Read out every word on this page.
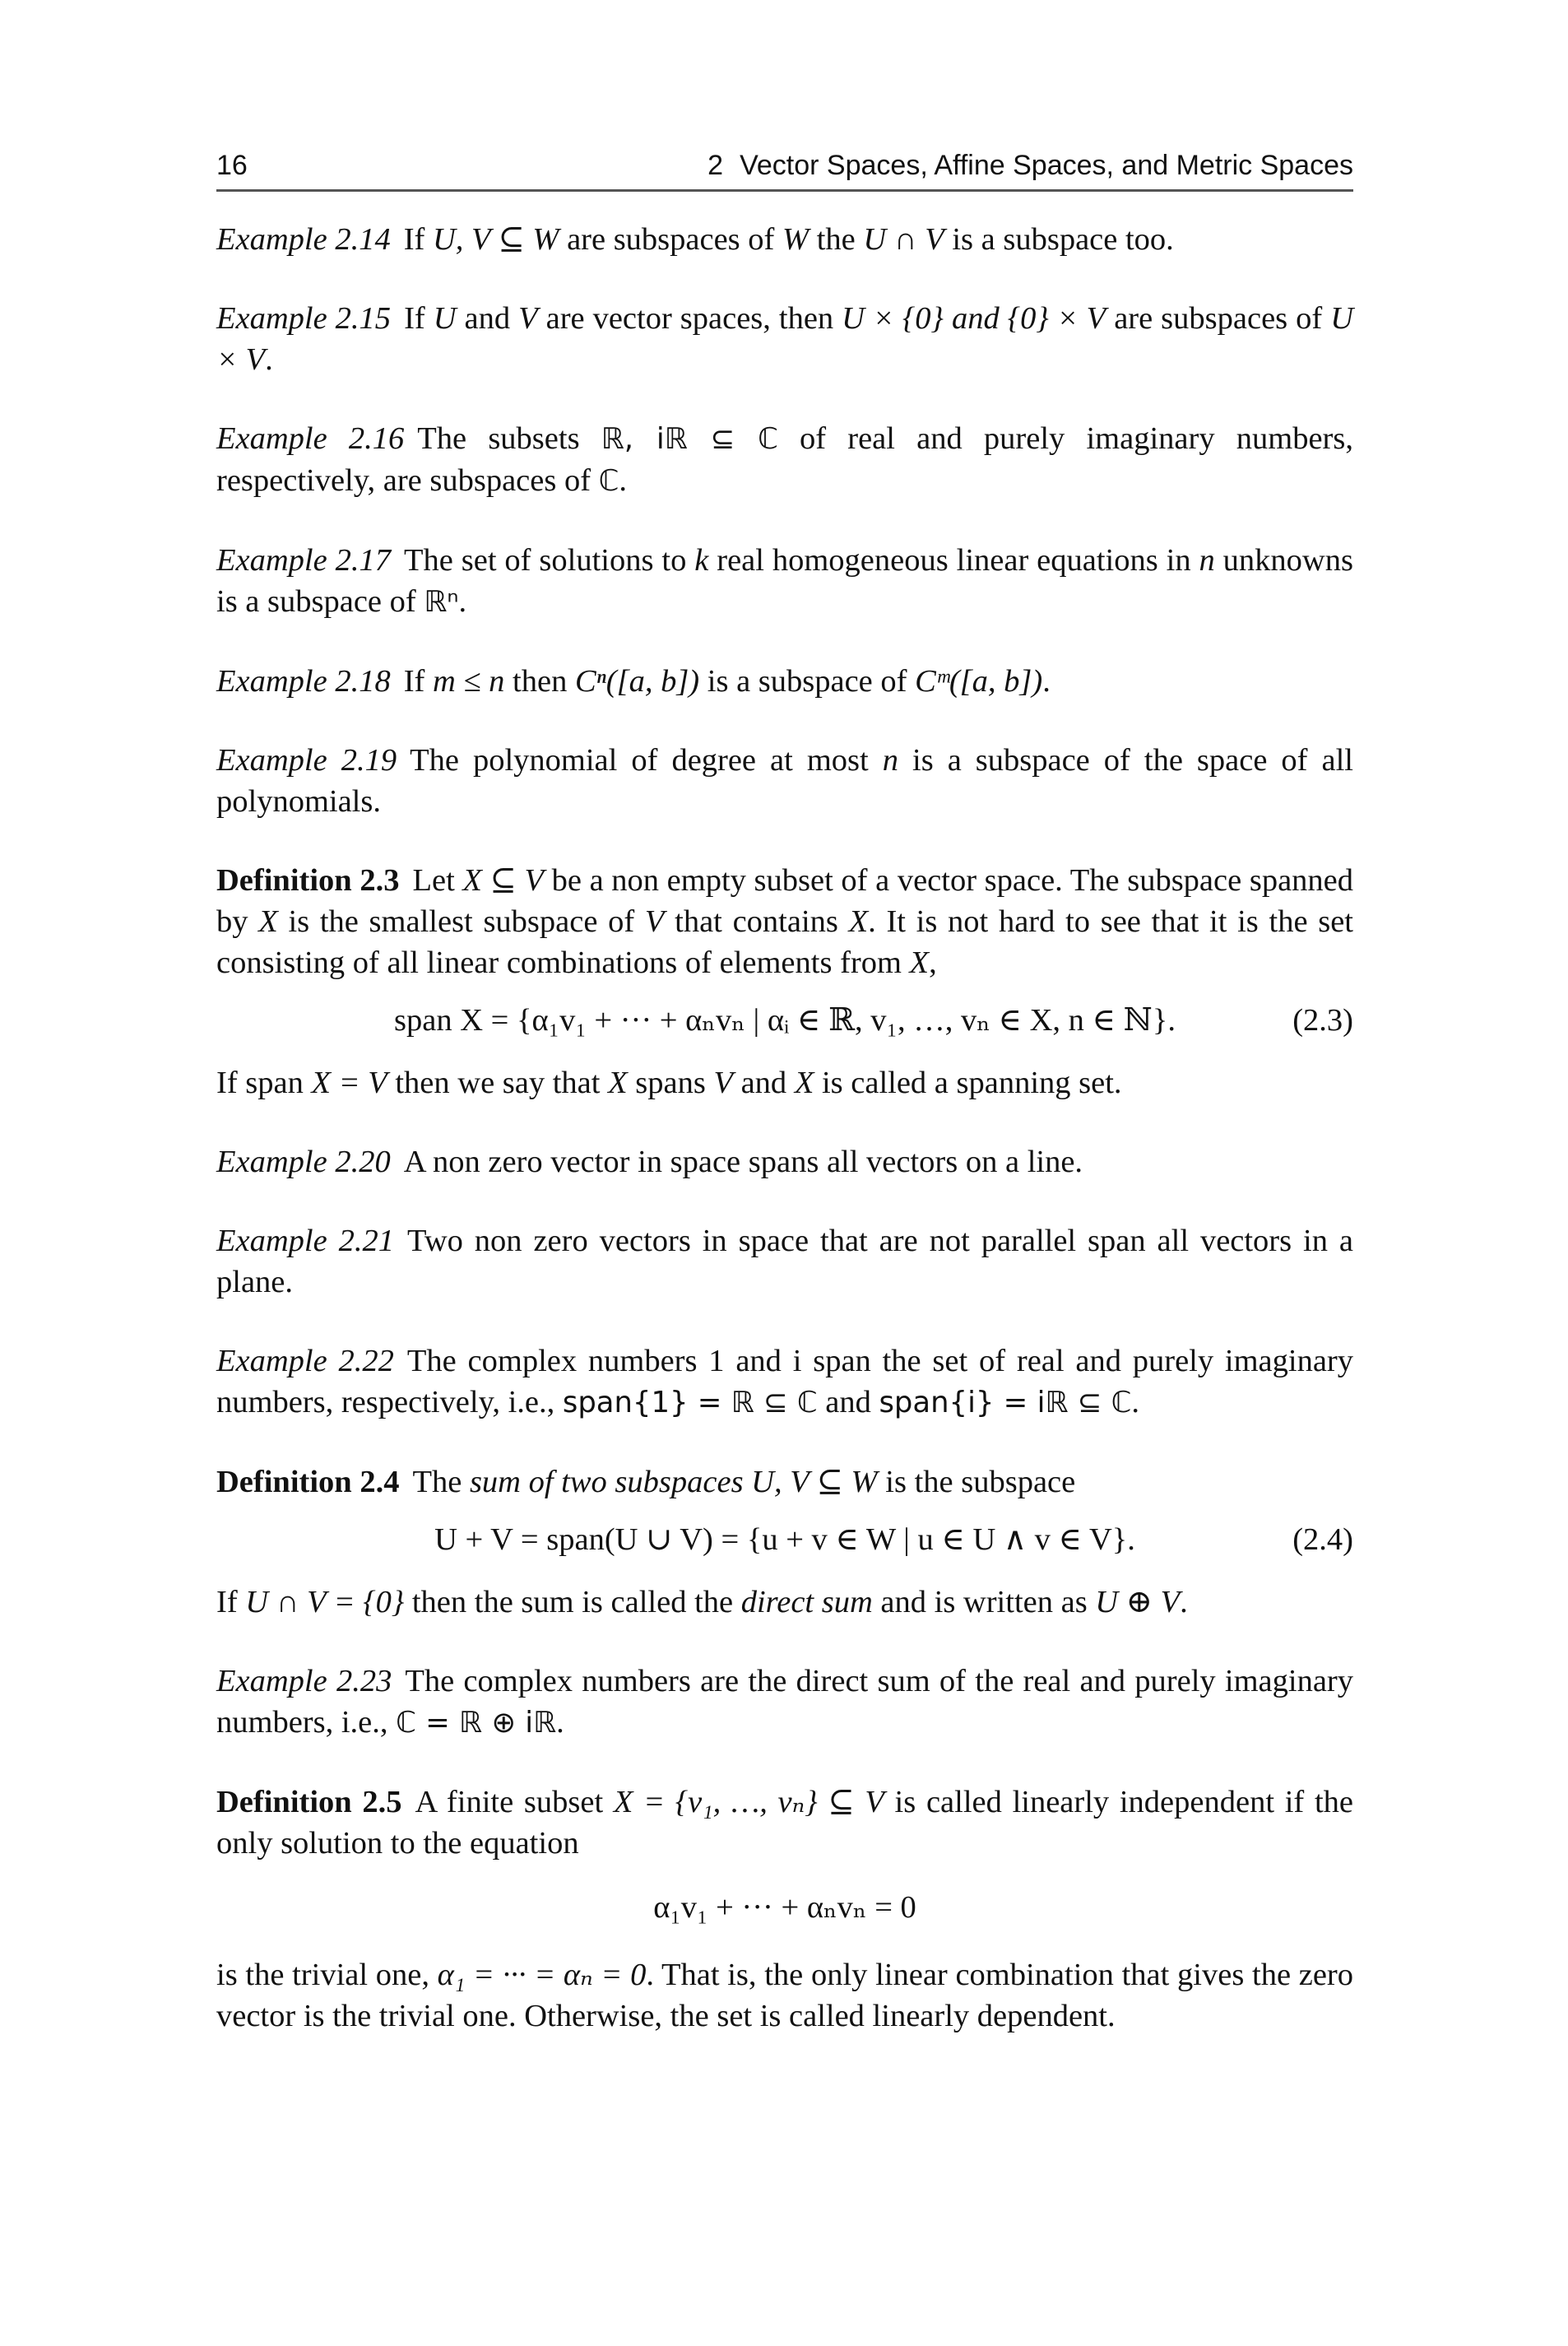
16	2 Vector Spaces, Affine Spaces, and Metric Spaces

Example 2.14 If U, V ⊆ W are subspaces of W the U ∩ V is a subspace too.

Example 2.15 If U and V are vector spaces, then U × {0} and {0} × V are subspaces of U × V.

Example 2.16 The subsets ℝ, iℝ ⊆ ℂ of real and purely imaginary numbers, respectively, are subspaces of ℂ.

Example 2.17 The set of solutions to k real homogeneous linear equations in n unknowns is a subspace of ℝⁿ.

Example 2.18 If m ≤ n then Cⁿ([a, b]) is a subspace of Cᵐ([a, b]).

Example 2.19 The polynomial of degree at most n is a subspace of the space of all polynomials.

Definition 2.3 Let X ⊆ V be a non empty subset of a vector space. The subspace spanned by X is the smallest subspace of V that contains X. It is not hard to see that it is the set consisting of all linear combinations of elements from X,

span X = {α₁v₁ + ··· + αₙvₙ | αᵢ ∈ ℝ, v₁, …, vₙ ∈ X, n ∈ ℕ}.	(2.3)

If span X = V then we say that X spans V and X is called a spanning set.

Example 2.20 A non zero vector in space spans all vectors on a line.

Example 2.21 Two non zero vectors in space that are not parallel span all vectors in a plane.

Example 2.22 The complex numbers 1 and i span the set of real and purely imaginary numbers, respectively, i.e., span{1} = ℝ ⊆ ℂ and span{i} = iℝ ⊆ ℂ.

Definition 2.4 The sum of two subspaces U, V ⊆ W is the subspace

U + V = span(U ∪ V) = {u + v ∈ W | u ∈ U ∧ v ∈ V}.	(2.4)

If U ∩ V = {0} then the sum is called the direct sum and is written as U ⊕ V.

Example 2.23 The complex numbers are the direct sum of the real and purely imaginary numbers, i.e., ℂ = ℝ ⊕ iℝ.

Definition 2.5 A finite subset X = {v₁, …, vₙ} ⊆ V is called linearly independent if the only solution to the equation

α₁v₁ + ··· + αₙvₙ = 0

is the trivial one, α₁ = ··· = αₙ = 0. That is, the only linear combination that gives the zero vector is the trivial one. Otherwise, the set is called linearly dependent.
